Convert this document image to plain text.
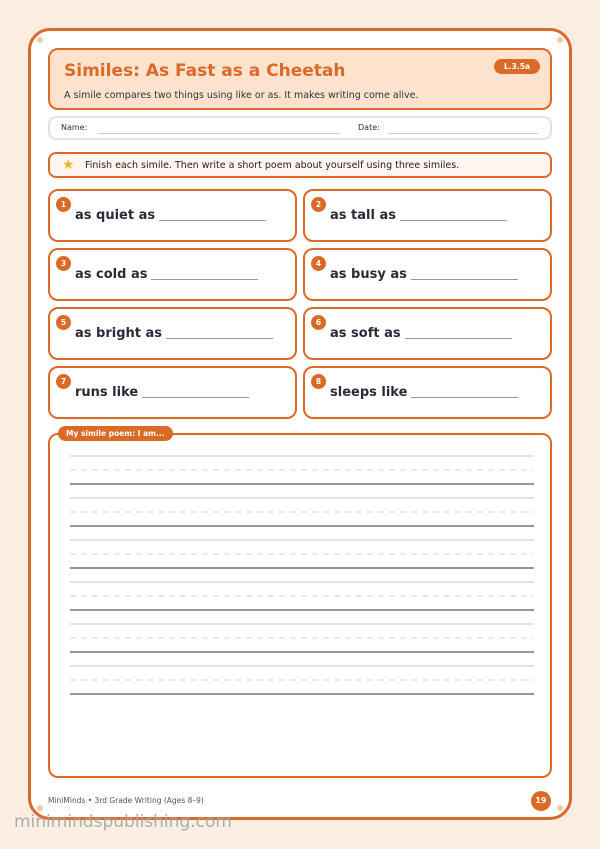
Similes: As Fast as a Cheetah
A simile compares two things using like or as. It makes writing come alive.
L.3.5a
Name:	Date:
★ Finish each simile. Then write a short poem about yourself using three similes.
1
as quiet as
2
as tall as
3
as cold as
4
as busy as
5
as bright as
6
as soft as
7
runs like
8
sleeps like
My simile poem: I am...
MiniMinds • 3rd Grade Writing (Ages 8–9)	19
minimindspublishing.com
